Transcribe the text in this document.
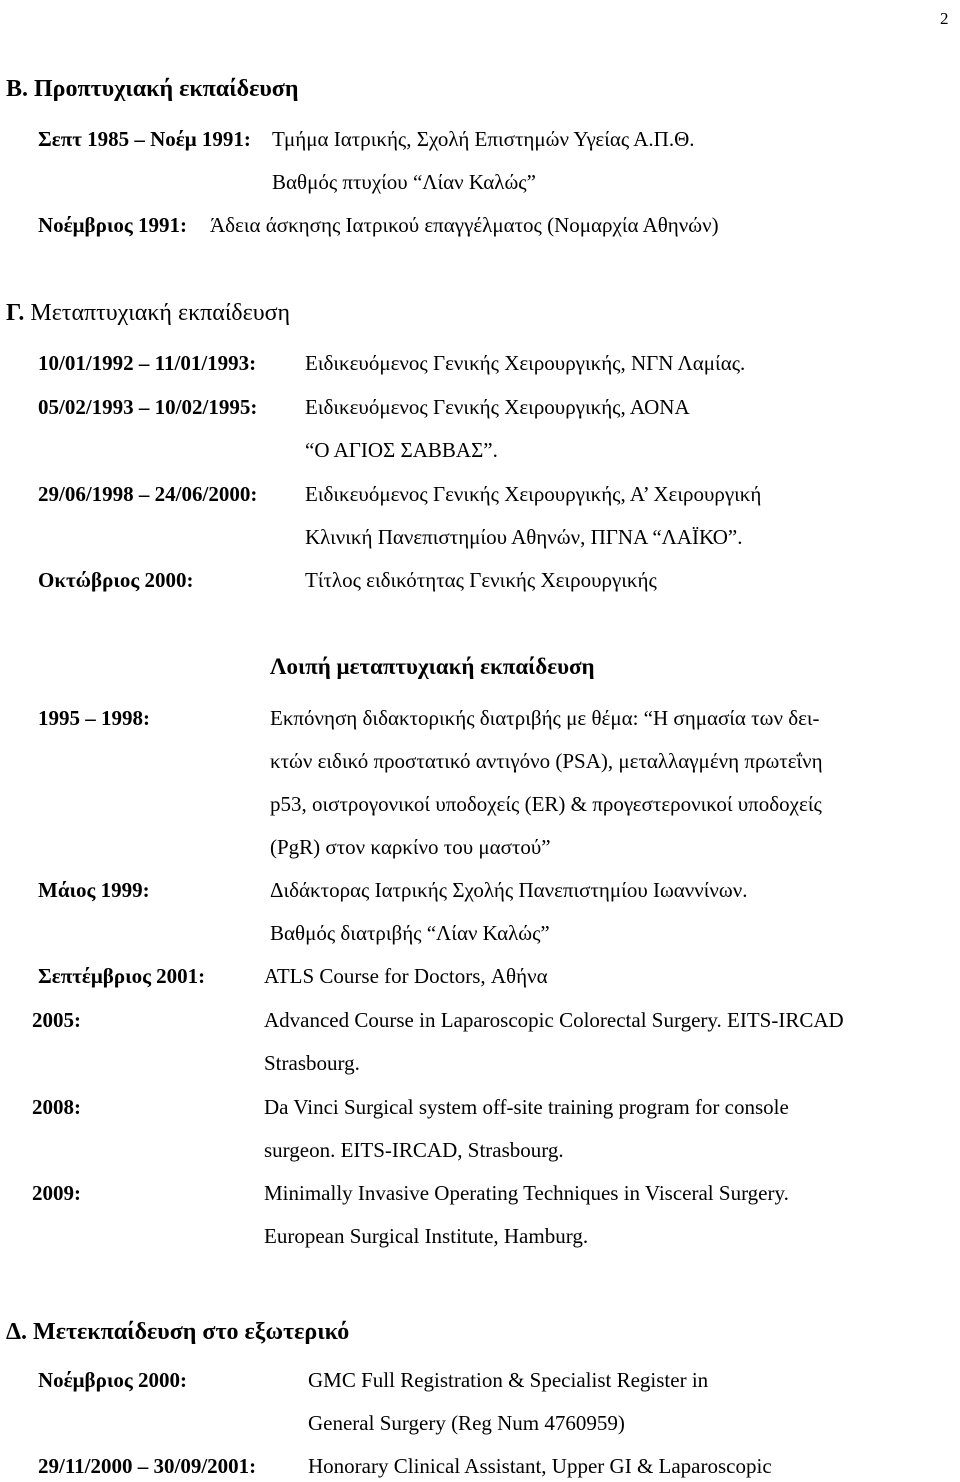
2
Β. Προπτυχιακή εκπαίδευση
Σεπτ 1985 – Νοέμ 1991: Τμήμα Ιατρικής, Σχολή Επιστημών Υγείας Α.Π.Θ.
Βαθμός πτυχίου “Λίαν Καλώς”
Νοέμβριος 1991: Άδεια άσκησης Ιατρικού επαγγέλματος (Νομαρχία Αθηνών)
Γ. Μεταπτυχιακή εκπαίδευση
10/01/1992 – 11/01/1993: Ειδικευόμενος Γενικής Χειρουργικής, ΝΓΝ Λαμίας.
05/02/1993 – 10/02/1995: Ειδικευόμενος Γενικής Χειρουργικής, ΑΟΝΑ
“Ο ΑΓΙΟΣ ΣΑΒΒΑΣ”.
29/06/1998 – 24/06/2000: Ειδικευόμενος Γενικής Χειρουργικής, Α’ Χειρουργική
Κλινική Πανεπιστημίου Αθηνών, ΠΓΝΑ “ΛΑΪΚΟ”.
Οκτώβριος 2000:	Τίτλος ειδικότητας Γενικής Χειρουργικής
Λοιπή μεταπτυχιακή εκπαίδευση
1995 – 1998:	Εκπόνηση διδακτορικής διατριβής με θέμα: “Η σημασία των δει-
κτών ειδικό προστατικό αντιγόνο (PSA), μεταλλαγμένη πρωτεΐνη
p53, οιστρογονικοί υποδοχείς (ER) & προγεστερονικοί υποδοχείς
(PgR) στον καρκίνο του μαστού”
Μάιος 1999:	Διδάκτορας Ιατρικής Σχολής Πανεπιστημίου Ιωαννίνων.
Βαθμός διατριβής “Λίαν Καλώς”
Σεπτέμβριος 2001:	ATLS Course for Doctors, Αθήνα
2005:	Advanced Course in Laparoscopic Colorectal Surgery. EITS-IRCAD
Strasbourg.
2008:	Da Vinci Surgical system off-site training program for console
surgeon. EITS-IRCAD, Strasbourg.
2009:	Minimally Invasive Operating Techniques in Visceral Surgery.
European Surgical Institute, Hamburg.
Δ. Μετεκπαίδευση στο εξωτερικό
Νοέμβριος 2000:	GMC Full Registration & Specialist Register in
General Surgery (Reg Num 4760959)
29/11/2000 – 30/09/2001: Honorary Clinical Assistant, Upper GI & Laparoscopic
